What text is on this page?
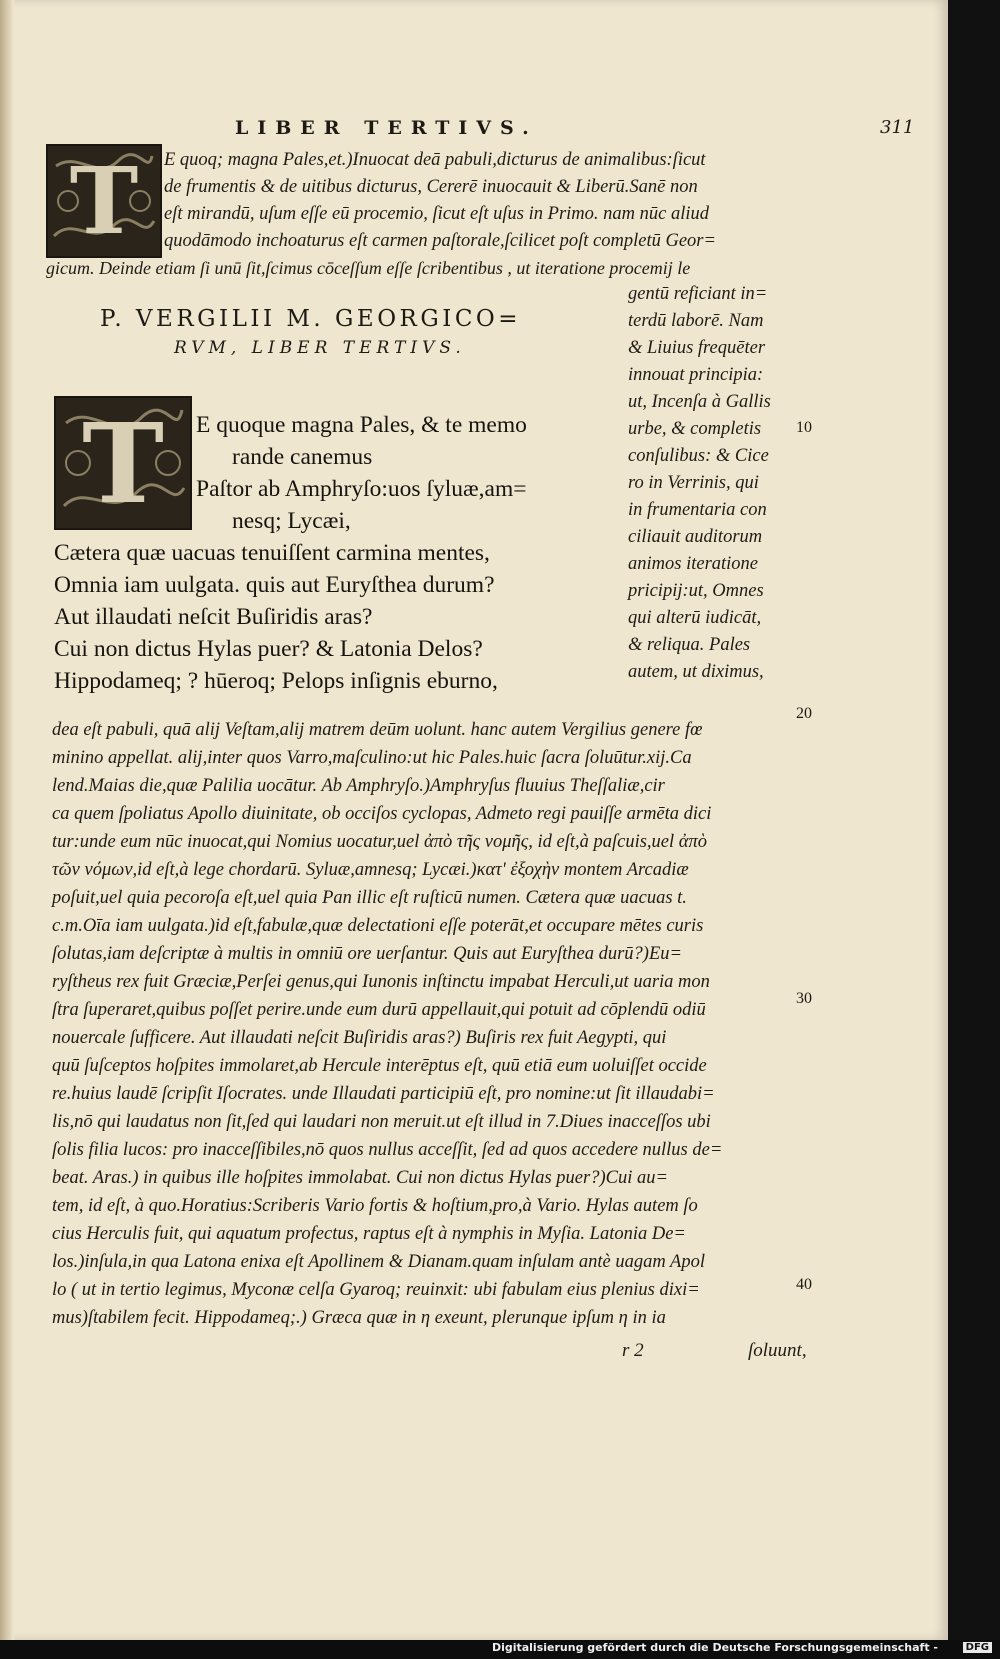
LIBER TERTIVS.	311
T E quoq; magna Pales,et.)Inuocat deā pabuli,dicturus de animalibus:ſicut
de frumentis & de uitibus dicturus, Cererē inuocauit & Liberū.Sanē non
eſt mirandū, uſum eſſe eū procemio, ſicut eſt uſus in Primo. nam nūc aliud
quodāmodo inchoaturus eſt carmen paſtorale,ſcilicet poſt completū Geor=
gicum. Deinde etiam ſi unū ſit,ſcimus cōceſſum eſſe ſcribentibus , ut iteratione procemij le
P. VERGILII M. GEORGICO=
RVM, LIBER TERTIVS.
gentū reficiant in=
terdū laborē. Nam
& Liuius frequēter
innouat principia:
ut, Incenſa à Gallis
urbe, & completis
conſulibus: & Cice
ro in Verrinis, qui
in frumentaria con
ciliauit auditorum
animos iteratione
pricipij:ut, Omnes
qui alterū iudicāt,
& reliqua. Pales
autem, ut diximus,
T E quoque magna Pales, & te memo
rande canemus
Paſtor ab Amphryſo:uos ſyluæ,am=
nesq; Lycæi,
Cætera quæ uacuas tenuiſſent carmina mentes,
Omnia iam uulgata. quis aut Euryſthea durum?
Aut illaudati neſcit Buſiridis aras?
Cui non dictus Hylas puer? & Latonia Delos?
Hippodameq; ? hūeroq; Pelops inſignis eburno,
10
20
30
40
dea eſt pabuli, quā alij Veſtam,alij matrem deūm uolunt. hanc autem Vergilius genere fœ
minino appellat. alij,inter quos Varro,maſculino:ut hic Pales.huic ſacra ſoluūtur.xij.Ca
lend.Maias die,quæ Palilia uocātur. Ab Amphryſo.)Amphryſus fluuius Theſſaliæ,cir
ca quem ſpoliatus Apollo diuinitate, ob occiſos cyclopas, Admeto regi pauiſſe armēta dici
tur:unde eum nūc inuocat,qui Nomius uocatur,uel ἀπὸ τῆς νομῆς, id eſt,à paſcuis,uel ἀπὸ
τῶν νόμων,id eſt,à lege chordarū. Syluæ,amnesq; Lycæi.)κατ' ἐξοχὴν montem Arcadiæ
poſuit,uel quia pecoroſa eſt,uel quia Pan illic eſt ruſticū numen. Cætera quæ uacuas t.
c.m.Oīa iam uulgata.)id eſt,fabulæ,quæ delectationi eſſe poterāt,et occupare mētes curis
ſolutas,iam deſcriptæ à multis in omniū ore uerſantur. Quis aut Euryſthea durū?)Eu=
ryſtheus rex fuit Græciæ,Perſei genus,qui Iunonis inſtinctu impabat Herculi,ut uaria mon
ſtra ſuperaret,quibus poſſet perire.unde eum durū appellauit,qui potuit ad cōplendū odiū
nouercale ſufficere. Aut illaudati neſcit Buſiridis aras?) Buſiris rex fuit Aegypti, qui
quū ſuſceptos hoſpites immolaret,ab Hercule interēptus eſt, quū etiā eum uoluiſſet occide
re.huius laudē ſcripſit Iſocrates. unde Illaudati participiū eſt, pro nomine:ut ſit illaudabi=
lis,nō qui laudatus non ſit,ſed qui laudari non meruit.ut eſt illud in 7.Diues inacceſſos ubi
ſolis filia lucos: pro inacceſſibiles,nō quos nullus acceſſit, ſed ad quos accedere nullus de=
beat. Aras.) in quibus ille hoſpites immolabat. Cui non dictus Hylas puer?)Cui au=
tem, id eſt, à quo.Horatius:Scriberis Vario fortis & hoſtium,pro,à Vario. Hylas autem ſo
cius Herculis fuit, qui aquatum profectus, raptus eſt à nymphis in Myſia. Latonia De=
los.)inſula,in qua Latona enixa eſt Apollinem & Dianam.quam inſulam antè uagam Apol
lo ( ut in tertio legimus, Myconæ celſa Gyaroq; reuinxit: ubi fabulam eius plenius dixi=
mus)ſtabilem fecit. Hippodameq;.) Græca quæ in η exeunt, plerunque ipſum η in ia
r 2	ſoluunt,
Digitalisierung gefördert durch die Deutsche Forschungsgemeinschaft -	DFG
